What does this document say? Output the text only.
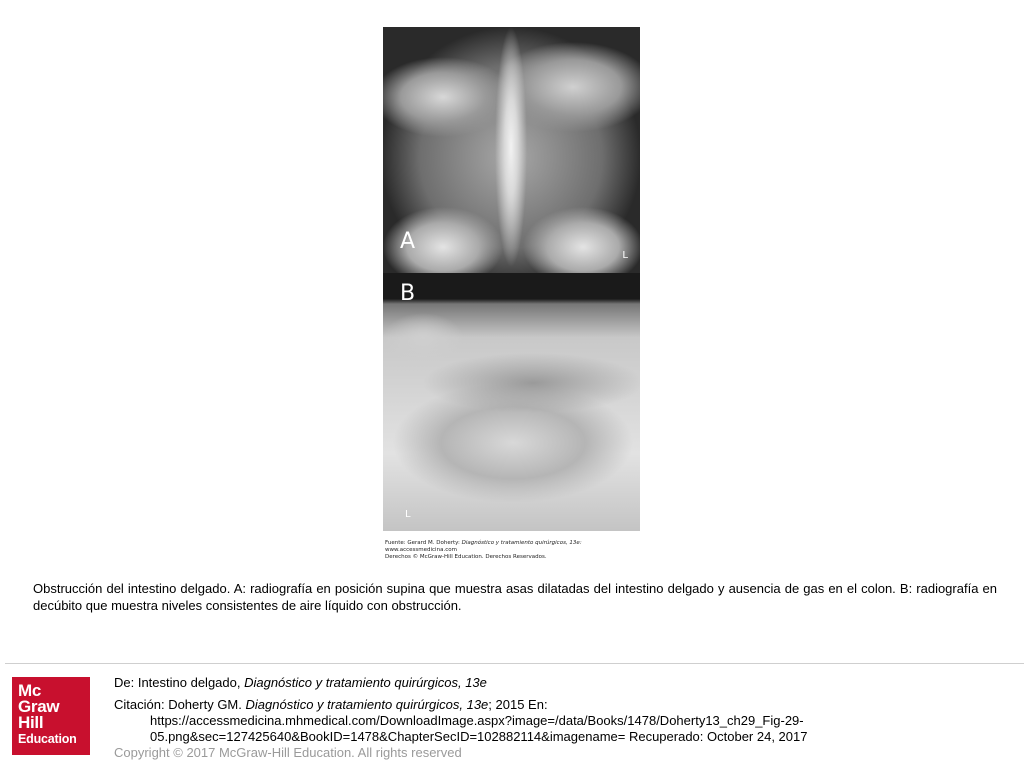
A
L
B
L
Fuente: Gerard M. Doherty: Diagnóstico y tratamiento quirúrgicos, 13e:
www.accessmedicina.com
Derechos © McGraw-Hill Education. Derechos Reservados.
Obstrucción del intestino delgado. A: radiografía en posición supina que muestra asas dilatadas del intestino delgado y ausencia de gas en el colon. B: radiografía en decúbito que muestra niveles consistentes de aire líquido con obstrucción.
Mc
Graw
Hill
Education
De: Intestino delgado, Diagnóstico y tratamiento quirúrgicos, 13e
Citación: Doherty GM. Diagnóstico y tratamiento quirúrgicos, 13e; 2015 En:
https://accessmedicina.mhmedical.com/DownloadImage.aspx?image=/data/Books/1478/Doherty13_ch29_Fig-29-
05.png&sec=127425640&BookID=1478&ChapterSecID=102882114&imagename= Recuperado: October 24, 2017
Copyright © 2017 McGraw-Hill Education. All rights reserved
